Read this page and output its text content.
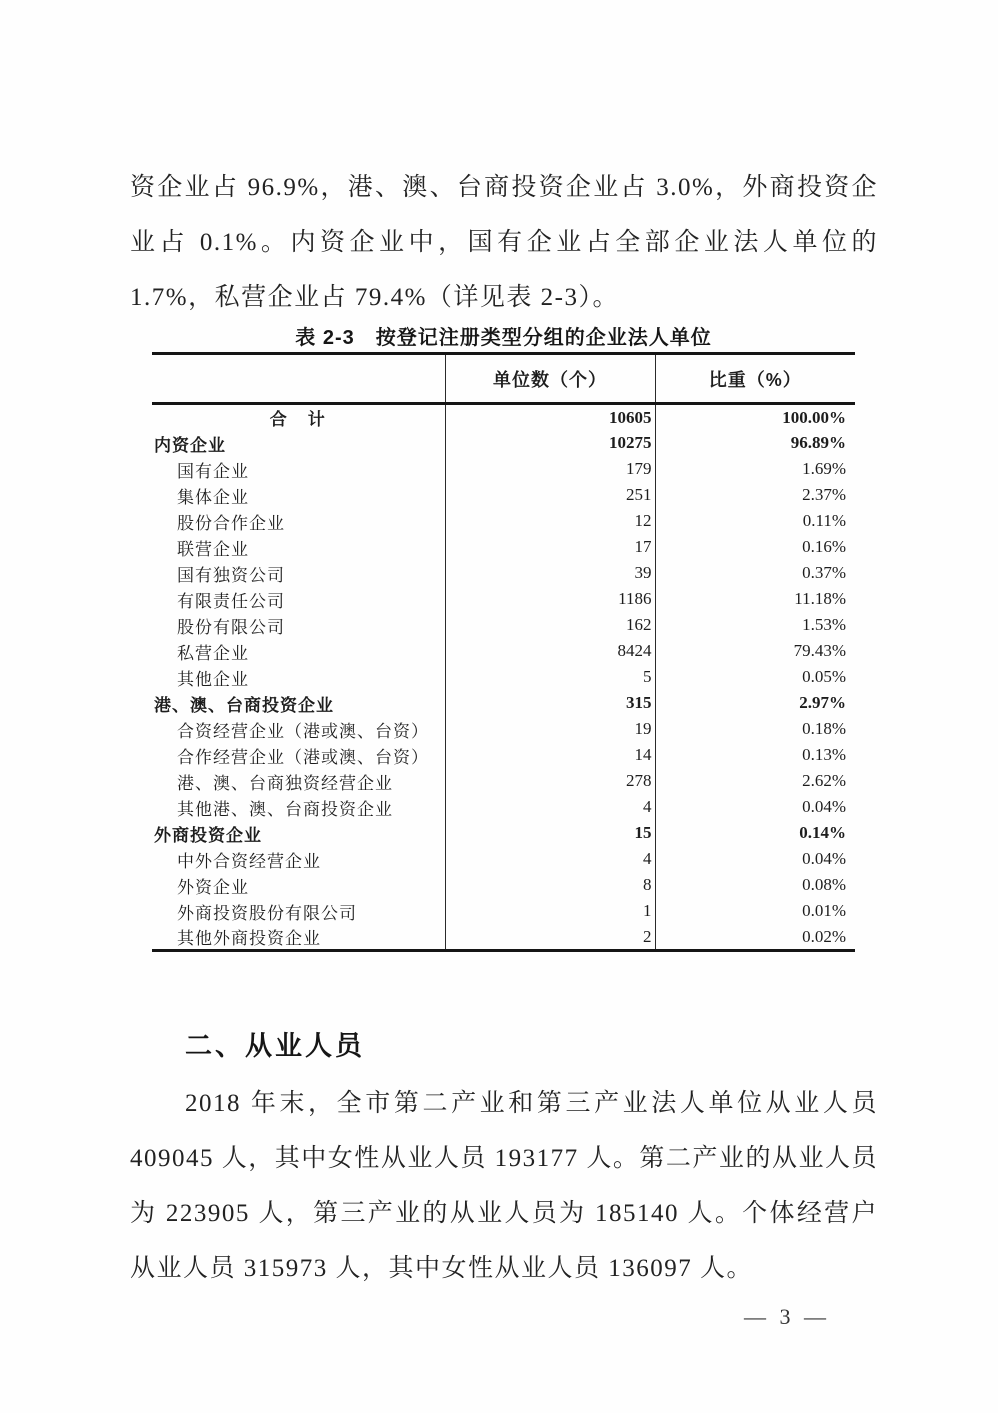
资企业占 96.9%，港、澳、台商投资企业占 3.0%，外商投资企业占 0.1%。内资企业中，国有企业占全部企业法人单位的 1.7%，私营企业占 79.4%（详见表 2-3）。

表 2-3　按登记注册类型分组的企业法人单位
	单位数（个）	比重（%）
合　计	10605	100.00%
内资企业	10275	96.89%
国有企业	179	1.69%
集体企业	251	2.37%
股份合作企业	12	0.11%
联营企业	17	0.16%
国有独资公司	39	0.37%
有限责任公司	1186	11.18%
股份有限公司	162	1.53%
私营企业	8424	79.43%
其他企业	5	0.05%
港、澳、台商投资企业	315	2.97%
合资经营企业（港或澳、台资）	19	0.18%
合作经营企业（港或澳、台资）	14	0.13%
港、澳、台商独资经营企业	278	2.62%
其他港、澳、台商投资企业	4	0.04%
外商投资企业	15	0.14%
中外合资经营企业	4	0.04%
外资企业	8	0.08%
外商投资股份有限公司	1	0.01%
其他外商投资企业	2	0.02%
二、从业人员

2018 年末，全市第二产业和第三产业法人单位从业人员 409045 人，其中女性从业人员 193177 人。第二产业的从业人员为 223905 人，第三产业的从业人员为 185140 人。个体经营户从业人员 315973 人，其中女性从业人员 136097 人。

— 3 —
